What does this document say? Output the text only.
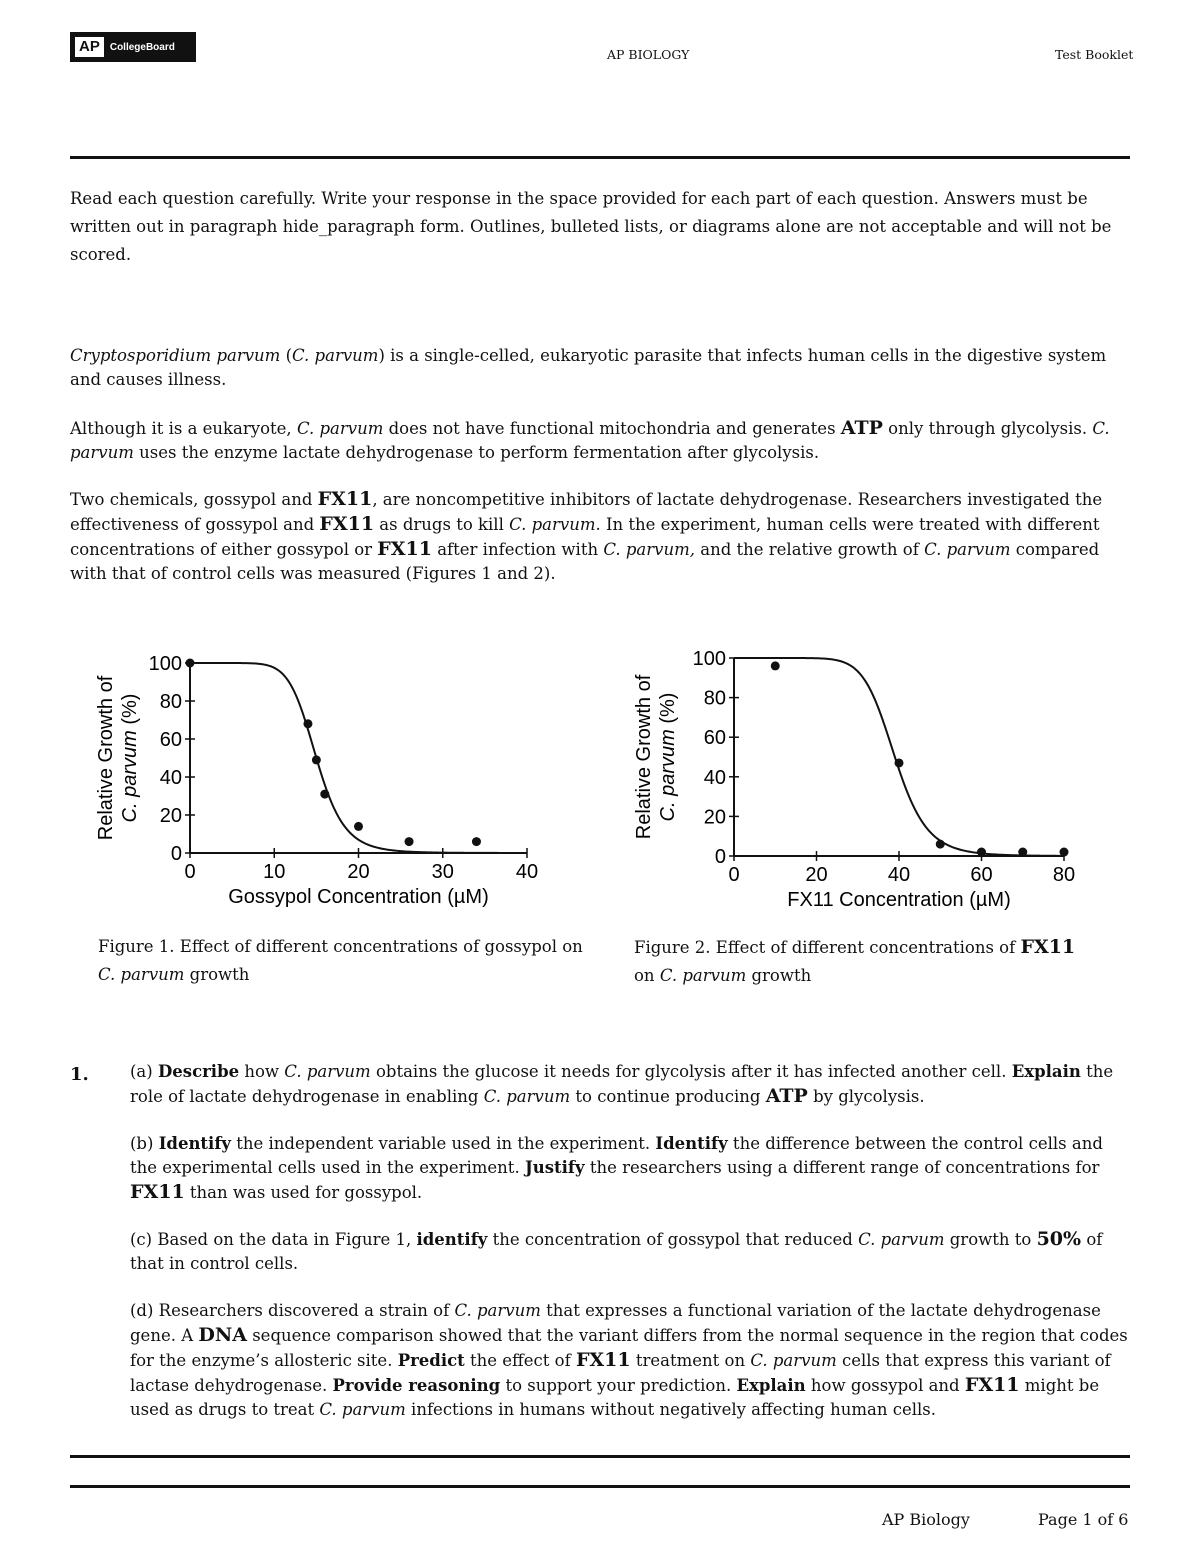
AP	CollegeBoard	AP BIOLOGY	Test Booklet
Read each question carefully. Write your response in the space provided for each part of each question. Answers must be written out in paragraph hide_paragraph form. Outlines, bulleted lists, or diagrams alone are not acceptable and will not be scored.
Cryptosporidium parvum (C. parvum) is a single-celled, eukaryotic parasite that infects human cells in the digestive system and causes illness.
Although it is a eukaryote, C. parvum does not have functional mitochondria and generates ATP only through glycolysis. C. parvum uses the enzyme lactate dehydrogenase to perform fermentation after glycolysis.
Two chemicals, gossypol and FX11, are noncompetitive inhibitors of lactate dehydrogenase. Researchers investigated the effectiveness of gossypol and FX11 as drugs to kill C. parvum. In the experiment, human cells were treated with different concentrations of either gossypol or FX11 after infection with C. parvum, and the relative growth of C. parvum compared with that of control cells was measured (Figures 1 and 2).
0	10	20	30	40
0
20
40
60
80
100
Gossypol Concentration (µM)
Relative Growth of C. parvum (%)
0	20	40	60	80
0
20
40
60
80
100
FX11 Concentration (µM)
Relative Growth of C. parvum (%)
Figure 1. Effect of different concentrations of gossypol on C. parvum growth
Figure 2. Effect of different concentrations of FX11
on C. parvum growth
1. (a) Describe how C. parvum obtains the glucose it needs for glycolysis after it has infected another cell. Explain the role of lactate dehydrogenase in enabling C. parvum to continue producing ATP by glycolysis.
(b) Identify the independent variable used in the experiment. Identify the difference between the control cells and the experimental cells used in the experiment. Justify the researchers using a different range of concentrations for FX11 than was used for gossypol.
(c) Based on the data in Figure 1, identify the concentration of gossypol that reduced C. parvum growth to 50% of that in control cells.
(d) Researchers discovered a strain of C. parvum that expresses a functional variation of the lactate dehydrogenase gene. A DNA sequence comparison showed that the variant differs from the normal sequence in the region that codes for the enzyme’s allosteric site. Predict the effect of FX11 treatment on C. parvum cells that express this variant of lactase dehydrogenase. Provide reasoning to support your prediction. Explain how gossypol and FX11 might be used as drugs to treat C. parvum infections in humans without negatively affecting human cells.
AP Biology	Page 1 of 6
